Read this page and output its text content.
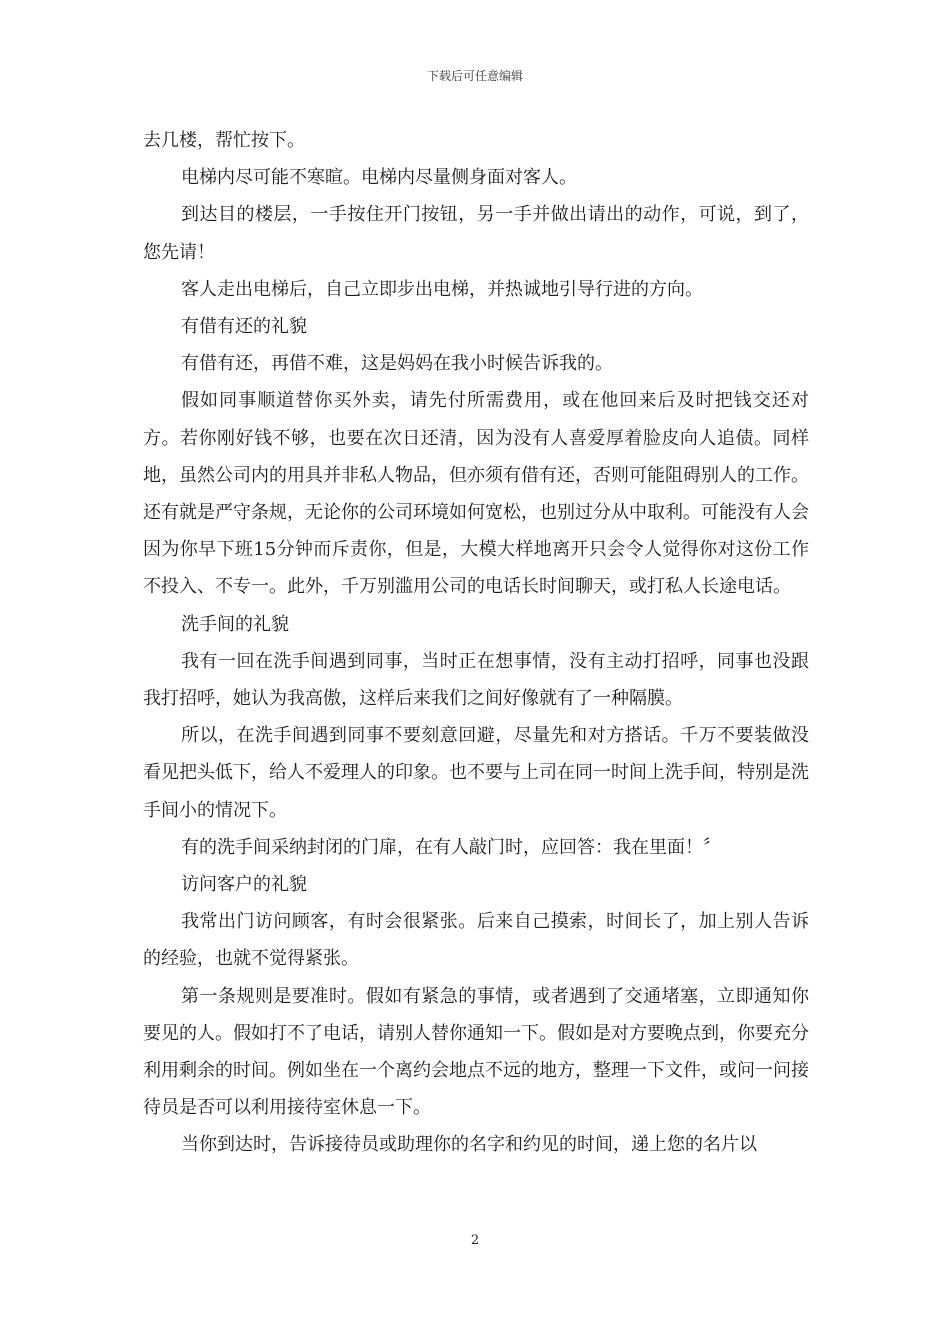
下载后可任意编辑

去几楼，帮忙按下。

电梯内尽可能不寒暄。电梯内尽量侧身面对客人。

到达目的楼层，一手按住开门按钮，另一手并做出请出的动作，可说，到了，您先请！

客人走出电梯后，自己立即步出电梯，并热诚地引导行进的方向。

有借有还的礼貌

有借有还，再借不难，这是妈妈在我小时候告诉我的。

假如同事顺道替你买外卖，请先付所需费用，或在他回来后及时把钱交还对方。若你刚好钱不够，也要在次日还清，因为没有人喜爱厚着脸皮向人追债。同样地，虽然公司内的用具并非私人物品，但亦须有借有还，否则可能阻碍别人的工作。还有就是严守条规，无论你的公司环境如何宽松，也别过分从中取利。可能没有人会因为你早下班15分钟而斥责你，但是，大模大样地离开只会令人觉得你对这份工作不投入、不专一。此外，千万别滥用公司的电话长时间聊天，或打私人长途电话。

洗手间的礼貌

我有一回在洗手间遇到同事，当时正在想事情，没有主动打招呼，同事也没跟我打招呼，她认为我高傲，这样后来我们之间好像就有了一种隔膜。

所以，在洗手间遇到同事不要刻意回避，尽量先和对方搭话。千万不要装做没看见把头低下，给人不爱理人的印象。也不要与上司在同一时间上洗手间，特别是洗手间小的情况下。

有的洗手间采纳封闭的门扉，在有人敲门时，应回答：我在里面！〞

访问客户的礼貌

我常出门访问顾客，有时会很紧张。后来自己摸索，时间长了，加上别人告诉的经验，也就不觉得紧张。

第一条规则是要准时。假如有紧急的事情，或者遇到了交通堵塞，立即通知你要见的人。假如打不了电话，请别人替你通知一下。假如是对方要晚点到，你要充分利用剩余的时间。例如坐在一个离约会地点不远的地方，整理一下文件，或问一问接待员是否可以利用接待室休息一下。

当你到达时，告诉接待员或助理你的名字和约见的时间，递上您的名片以

2
